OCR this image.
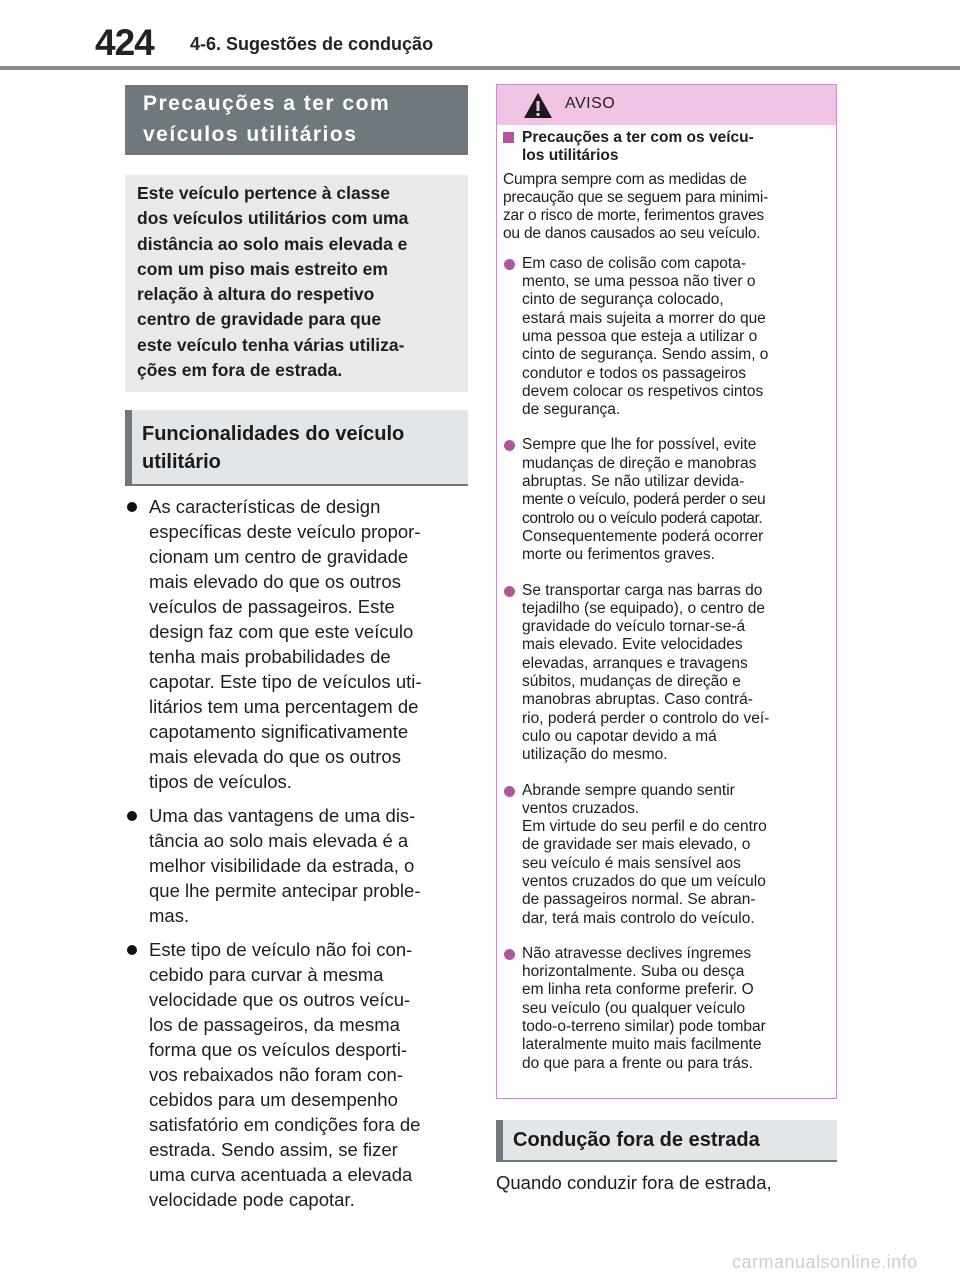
424 4-6. Sugestões de condução
Precauções a ter com
veículos utilitários
Este veículo pertence à classe
dos veículos utilitários com uma
distância ao solo mais elevada e
com um piso mais estreito em
relação à altura do respetivo
centro de gravidade para que
este veículo tenha várias utiliza-
ções em fora de estrada.
Funcionalidades do veículo
utilitário
As características de design
específicas deste veículo propor-
cionam um centro de gravidade
mais elevado do que os outros
veículos de passageiros. Este
design faz com que este veículo
tenha mais probabilidades de
capotar. Este tipo de veículos uti-
litários tem uma percentagem de
capotamento significativamente
mais elevada do que os outros
tipos de veículos.
Uma das vantagens de uma dis-
tância ao solo mais elevada é a
melhor visibilidade da estrada, o
que lhe permite antecipar proble-
mas.
Este tipo de veículo não foi con-
cebido para curvar à mesma
velocidade que os outros veícu-
los de passageiros, da mesma
forma que os veículos desporti-
vos rebaixados não foram con-
cebidos para um desempenho
satisfatório em condições fora de
estrada. Sendo assim, se fizer
uma curva acentuada a elevada
velocidade pode capotar.
AVISO
Precauções a ter com os veícu-
los utilitários
Cumpra sempre com as medidas de
precaução que se seguem para minimi-
zar o risco de morte, ferimentos graves
ou de danos causados ao seu veículo.
Em caso de colisão com capota-
mento, se uma pessoa não tiver o
cinto de segurança colocado,
estará mais sujeita a morrer do que
uma pessoa que esteja a utilizar o
cinto de segurança. Sendo assim, o
condutor e todos os passageiros
devem colocar os respetivos cintos
de segurança.
Sempre que lhe for possível, evite
mudanças de direção e manobras
abruptas. Se não utilizar devida-
mente o veículo, poderá perder o seu
controlo ou o veículo poderá capotar.
Consequentemente poderá ocorrer
morte ou ferimentos graves.
Se transportar carga nas barras do
tejadilho (se equipado), o centro de
gravidade do veículo tornar-se-á
mais elevado. Evite velocidades
elevadas, arranques e travagens
súbitos, mudanças de direção e
manobras abruptas. Caso contrá-
rio, poderá perder o controlo do veí-
culo ou capotar devido a má
utilização do mesmo.
Abrande sempre quando sentir
ventos cruzados.
Em virtude do seu perfil e do centro
de gravidade ser mais elevado, o
seu veículo é mais sensível aos
ventos cruzados do que um veículo
de passageiros normal. Se abran-
dar, terá mais controlo do veículo.
Não atravesse declives íngremes
horizontalmente. Suba ou desça
em linha reta conforme preferir. O
seu veículo (ou qualquer veículo
todo-o-terreno similar) pode tombar
lateralmente muito mais facilmente
do que para a frente ou para trás.
Condução fora de estrada
Quando conduzir fora de estrada,
carmanualsonline.info
